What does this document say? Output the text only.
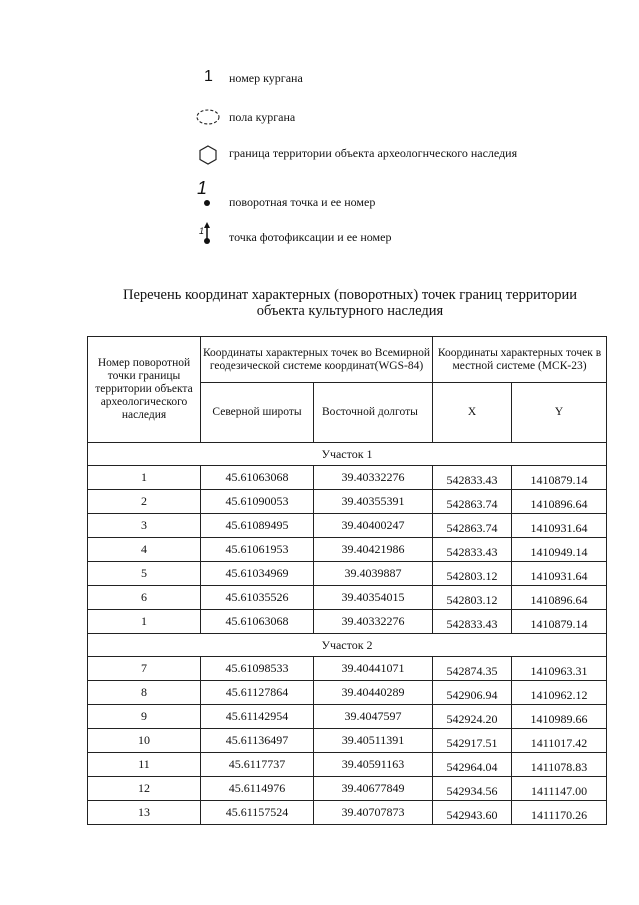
1 номер кургана
пола кургана
граница территории объекта археологнческого наследия
1
поворотная точка и ее номер
1 точка фотофиксации и ее номер
Перечень координат характерных (поворотных) точек границ территории
объекта культурного наследия
Номер поворотной точки границы территории объекта археологического наследия	Координаты характерных точек во Всемирной геодезической системе координат(WGS-84)		Координаты характерных точек в местной системе (МСК-23)	
	Северной широты	Восточной долготы	X	Y
Участок 1				
1	45.61063068	39.40332276	542833.43	1410879.14
2	45.61090053	39.40355391	542863.74	1410896.64
3	45.61089495	39.40400247	542863.74	1410931.64
4	45.61061953	39.40421986	542833.43	1410949.14
5	45.61034969	39.4039887	542803.12	1410931.64
6	45.61035526	39.40354015	542803.12	1410896.64
1	45.61063068	39.40332276	542833.43	1410879.14
Участок 2				
7	45.61098533	39.40441071	542874.35	1410963.31
8	45.61127864	39.40440289	542906.94	1410962.12
9	45.61142954	39.4047597	542924.20	1410989.66
10	45.61136497	39.40511391	542917.51	1411017.42
11	45.6117737	39.40591163	542964.04	1411078.83
12	45.6114976	39.40677849	542934.56	1411147.00
13	45.61157524	39.40707873	542943.60	1411170.26
